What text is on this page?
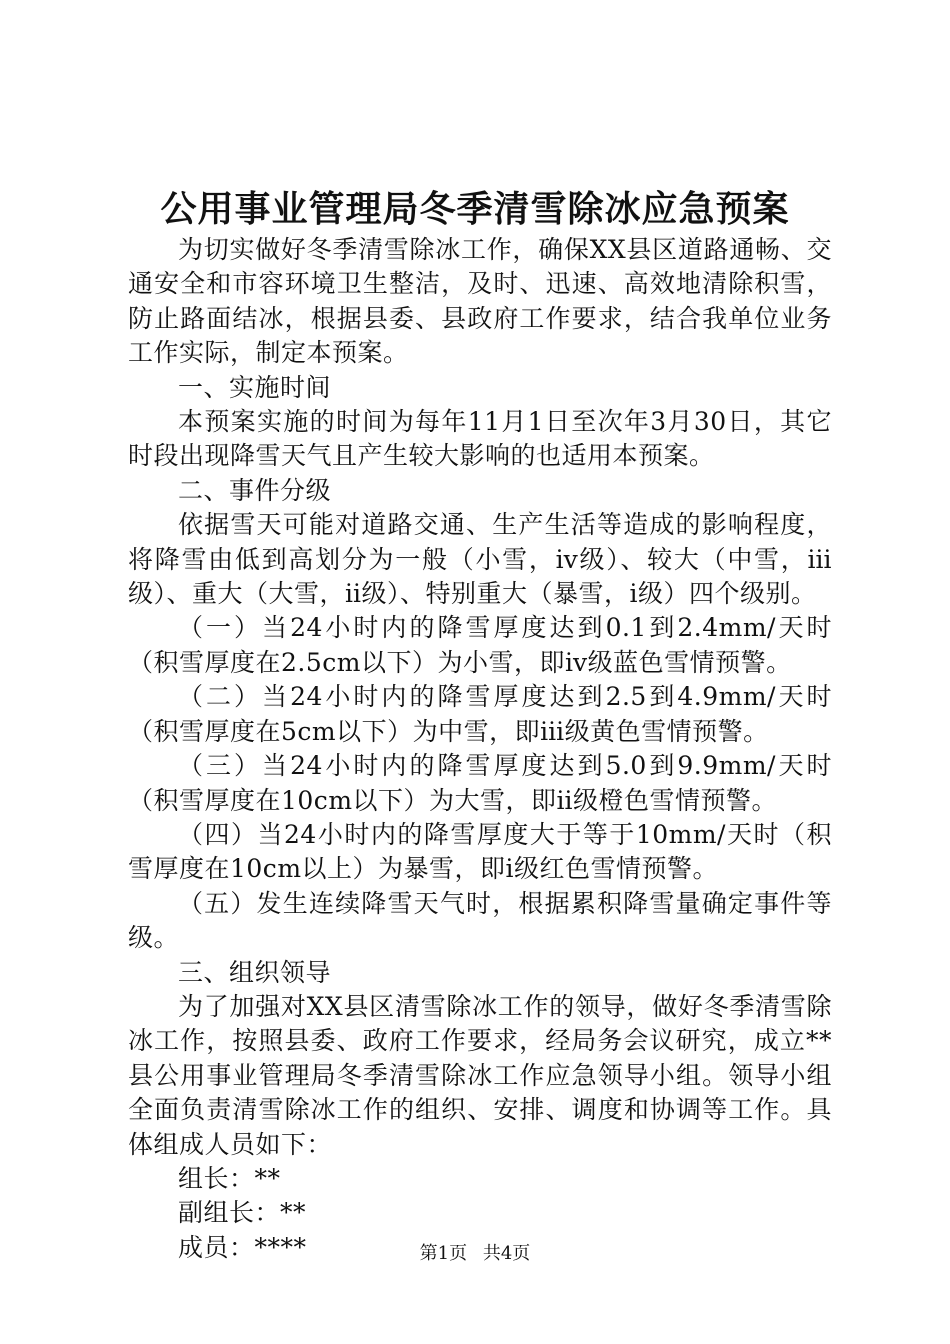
公用事业管理局冬季清雪除冰应急预案

为切实做好冬季清雪除冰工作，确保XX县区道路通畅、交通安全和市容环境卫生整洁，及时、迅速、高效地清除积雪，防止路面结冰，根据县委、县政府工作要求，结合我单位业务工作实际，制定本预案。

一、实施时间

本预案实施的时间为每年11月1日至次年3月30日，其它时段出现降雪天气且产生较大影响的也适用本预案。

二、事件分级

依据雪天可能对道路交通、生产生活等造成的影响程度，将降雪由低到高划分为一般（小雪，ⅳ级）、较大（中雪，ⅲ级）、重大（大雪，ⅱ级）、特别重大（暴雪，ⅰ级）四个级别。

（一）当24小时内的降雪厚度达到0.1到2.4mm/天时（积雪厚度在2.5cm以下）为小雪，即ⅳ级蓝色雪情预警。

（二）当24小时内的降雪厚度达到2.5到4.9mm/天时（积雪厚度在5cm以下）为中雪，即ⅲ级黄色雪情预警。

（三）当24小时内的降雪厚度达到5.0到9.9mm/天时（积雪厚度在10cm以下）为大雪，即ⅱ级橙色雪情预警。

（四）当24小时内的降雪厚度大于等于10mm/天时（积雪厚度在10cm以上）为暴雪，即ⅰ级红色雪情预警。

（五）发生连续降雪天气时，根据累积降雪量确定事件等级。

三、组织领导

为了加强对XX县区清雪除冰工作的领导，做好冬季清雪除冰工作，按照县委、政府工作要求，经局务会议研究，成立**县公用事业管理局冬季清雪除冰工作应急领导小组。领导小组全面负责清雪除冰工作的组织、安排、调度和协调等工作。具体组成人员如下：

组长：**

副组长：**

成员：****	第1页 共4页
